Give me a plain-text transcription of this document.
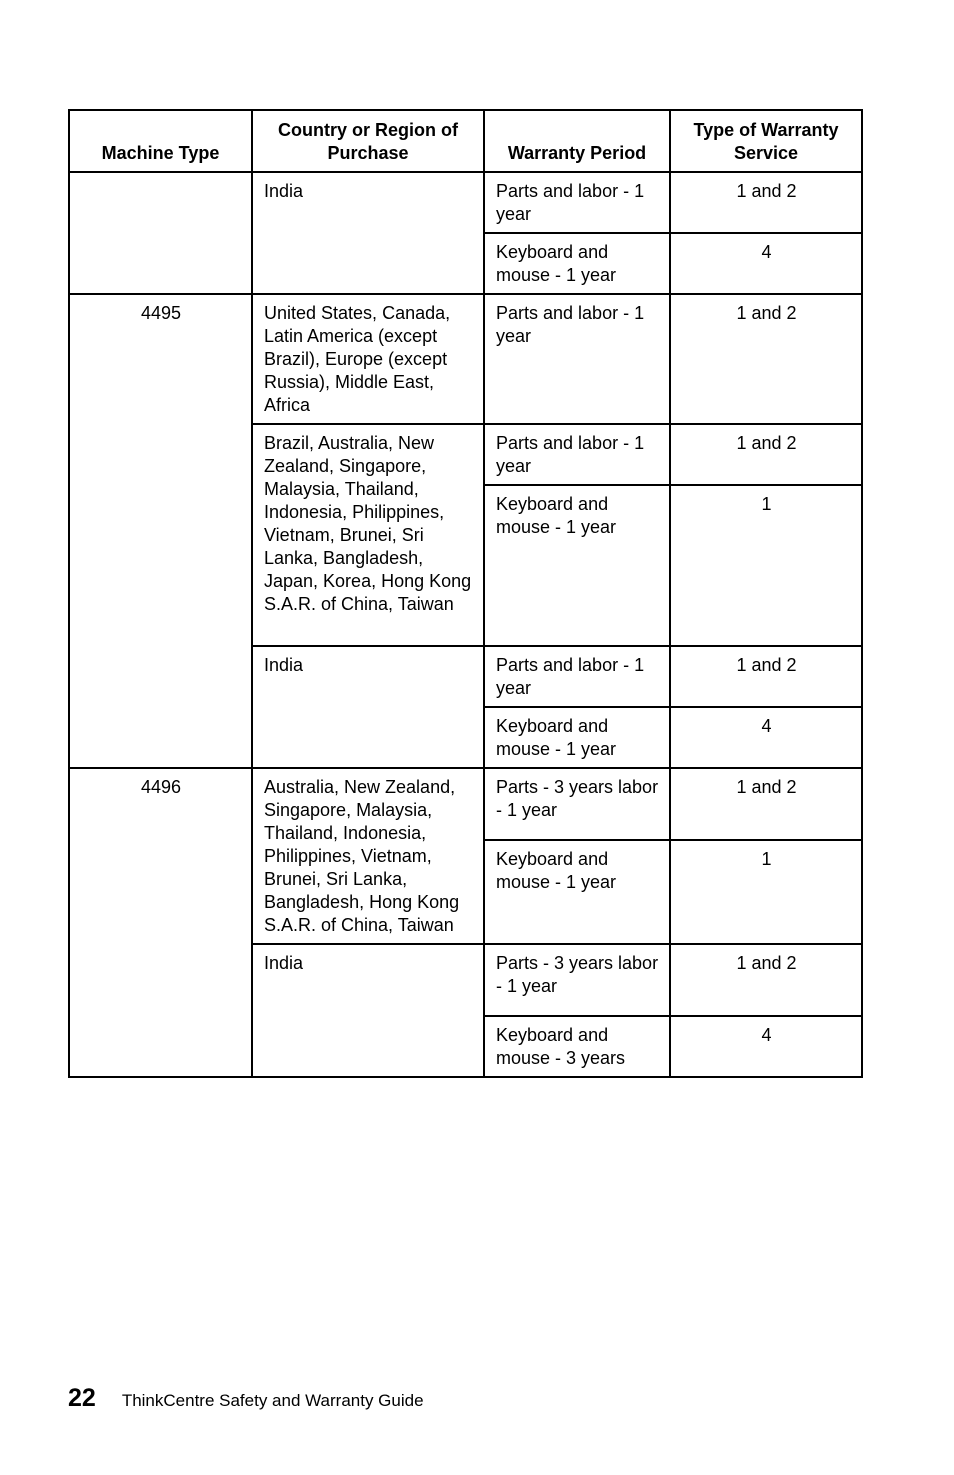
Machine Type	Country or Region of Purchase	Warranty Period	Type of Warranty Service
	India	Parts and labor - 1 year	1 and 2
		Keyboard and mouse - 1 year	4
4495	United States, Canada, Latin America (except Brazil), Europe (except Russia), Middle East, Africa	Parts and labor - 1 year	1 and 2
	Brazil, Australia, New Zealand, Singapore, Malaysia, Thailand, Indonesia, Philippines, Vietnam, Brunei, Sri Lanka, Bangladesh, Japan, Korea, Hong Kong S.A.R. of China, Taiwan	Parts and labor - 1 year	1 and 2
		Keyboard and mouse - 1 year	1
	India	Parts and labor - 1 year	1 and 2
		Keyboard and mouse - 1 year	4
4496	Australia, New Zealand, Singapore, Malaysia, Thailand, Indonesia, Philippines, Vietnam, Brunei, Sri Lanka, Bangladesh, Hong Kong S.A.R. of China, Taiwan	Parts - 3 years labor - 1 year	1 and 2
		Keyboard and mouse - 1 year	1
	India	Parts - 3 years labor - 1 year	1 and 2
		Keyboard and mouse - 3 years	4
22 ThinkCentre Safety and Warranty Guide
